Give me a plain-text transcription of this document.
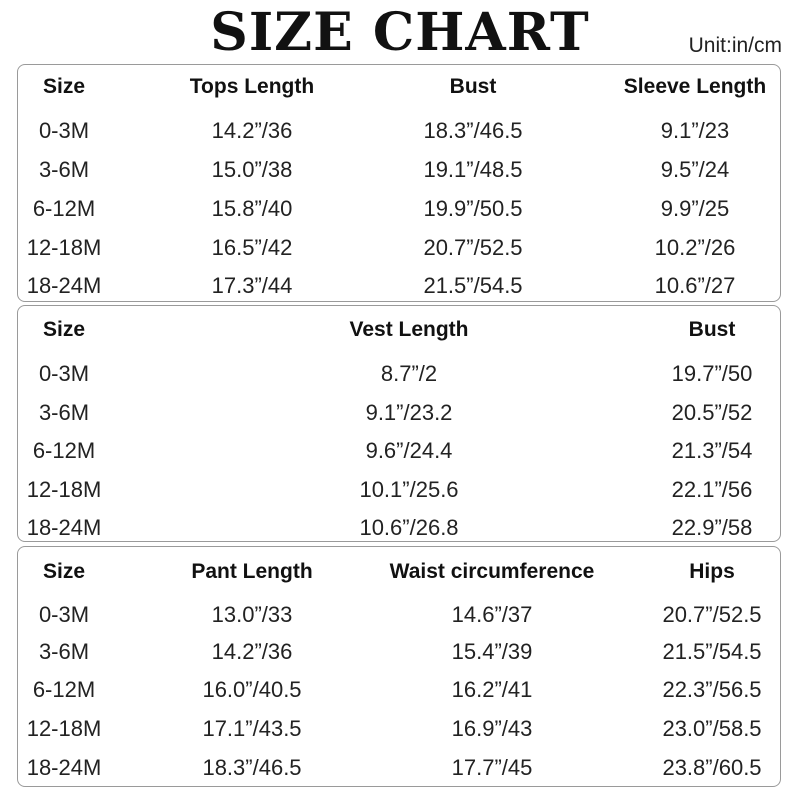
SIZE CHART	Unit:in/cm
Size	Tops Length	Bust	Sleeve Length
0-3M	14.2”/36	18.3”/46.5	9.1”/23
3-6M	15.0”/38	19.1”/48.5	9.5”/24
6-12M	15.8”/40	19.9”/50.5	9.9”/25
12-18M	16.5”/42	20.7”/52.5	10.2”/26
18-24M	17.3”/44	21.5”/54.5	10.6”/27
Size	Vest Length	Bust
0-3M	8.7”/2	19.7”/50
3-6M	9.1”/23.2	20.5”/52
6-12M	9.6”/24.4	21.3”/54
12-18M	10.1”/25.6	22.1”/56
18-24M	10.6”/26.8	22.9”/58
Size	Pant Length	Waist circumference	Hips
0-3M	13.0”/33	14.6”/37	20.7”/52.5
3-6M	14.2”/36	15.4”/39	21.5”/54.5
6-12M	16.0”/40.5	16.2”/41	22.3”/56.5
12-18M	17.1”/43.5	16.9”/43	23.0”/58.5
18-24M	18.3”/46.5	17.7”/45	23.8”/60.5
